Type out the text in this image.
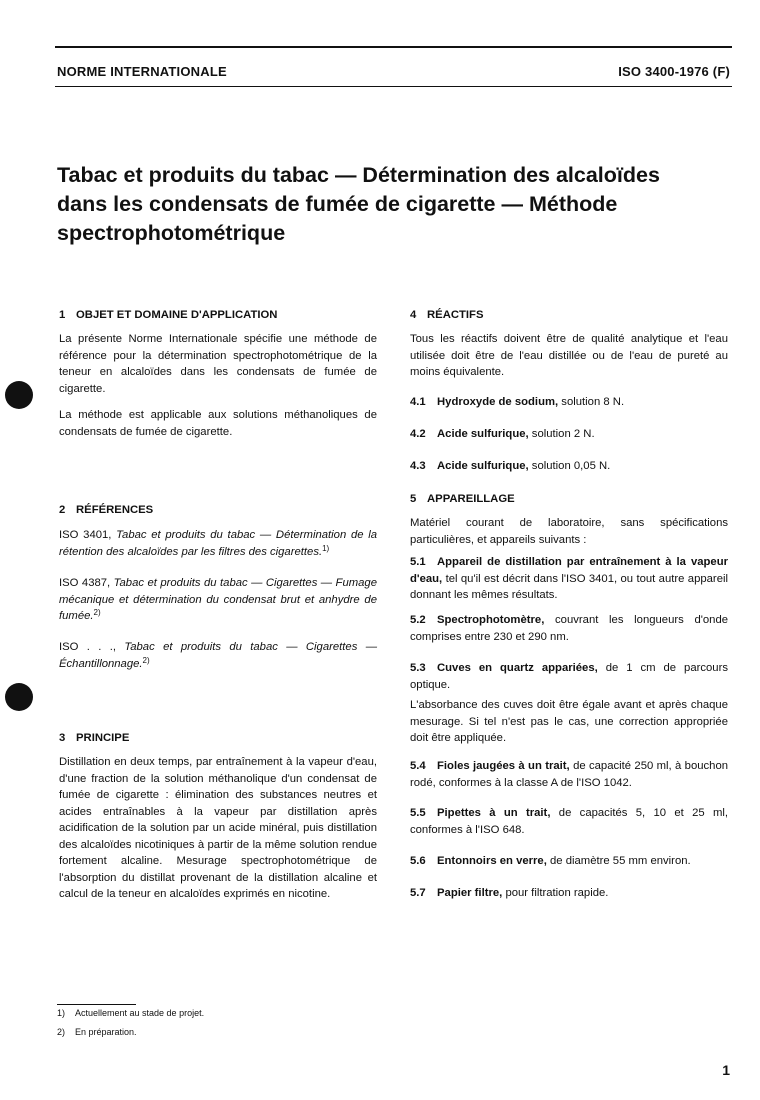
NORME INTERNATIONALE	ISO 3400-1976 (F)
Tabac et produits du tabac — Détermination des alcaloïdes
dans les condensats de fumée de cigarette — Méthode
spectrophotométrique
1 OBJET ET DOMAINE D'APPLICATION

La présente Norme Internationale spécifie une méthode de référence pour la détermination spectrophotométrique de la teneur en alcaloïdes dans les condensats de fumée de cigarette.

La méthode est applicable aux solutions méthanoliques de condensats de fumée de cigarette.

2 RÉFÉRENCES

ISO 3401, Tabac et produits du tabac — Détermination de la rétention des alcaloïdes par les filtres des cigarettes.$^{1)}$

ISO 4387, Tabac et produits du tabac — Cigarettes — Fumage mécanique et détermination du condensat brut et anhydre de fumée.$^{2)}$

ISO . . ., Tabac et produits du tabac — Cigarettes — Échantillonnage.$^{2)}$

3 PRINCIPE

Distillation en deux temps, par entraînement à la vapeur d'eau, d'une fraction de la solution méthanolique d'un condensat de fumée de cigarette : élimination des substances neutres et acides entraînables à la vapeur par distillation après acidification de la solution par un acide minéral, puis distillation des alcaloïdes nicotiniques à partir de la même solution rendue fortement alcaline. Mesurage spectrophotométrique de l'absorption du distillat provenant de la distillation alcaline et calcul de la teneur en alcaloïdes exprimés en nicotine.

4 RÉACTIFS

Tous les réactifs doivent être de qualité analytique et l'eau utilisée doit être de l'eau distillée ou de l'eau de pureté au moins équivalente.

4.1 Hydroxyde de sodium, solution 8 N.
4.2 Acide sulfurique, solution 2 N.
4.3 Acide sulfurique, solution 0,05 N.
5 APPAREILLAGE

Matériel courant de laboratoire, sans spécifications particulières, et appareils suivants :

5.1 Appareil de distillation par entraînement à la vapeur d'eau, tel qu'il est décrit dans l'ISO 3401, ou tout autre appareil donnant les mêmes résultats.

5.2 Spectrophotomètre, couvrant les longueurs d'onde comprises entre 230 et 290 nm.

5.3 Cuves en quartz appariées, de 1 cm de parcours optique.

L'absorbance des cuves doit être égale avant et après chaque mesurage. Si tel n'est pas le cas, une correction appropriée doit être appliquée.

5.4 Fioles jaugées à un trait, de capacité 250 ml, à bouchon rodé, conformes à la classe A de l'ISO 1042.

5.5 Pipettes à un trait, de capacités 5, 10 et 25 ml, conformes à l'ISO 648.

5.6 Entonnoirs en verre, de diamètre 55 mm environ.
5.7 Papier filtre, pour filtration rapide.
1) Actuellement au stade de projet.
2) En préparation.
1
